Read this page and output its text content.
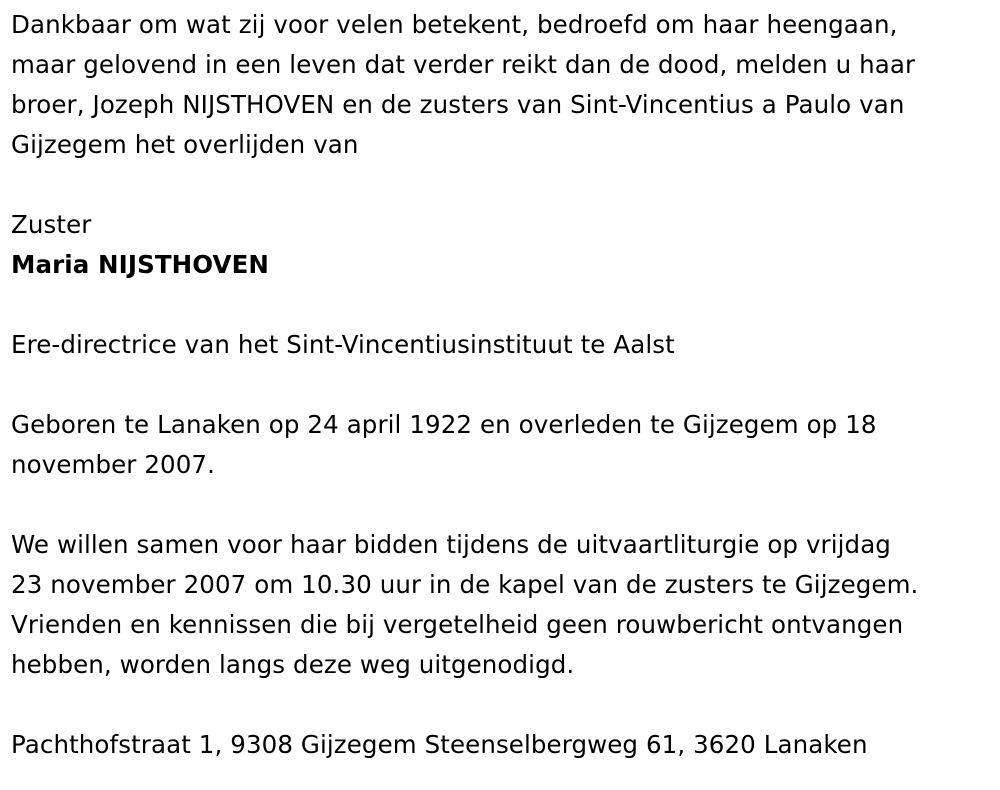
Dankbaar om wat zij voor velen betekent, bedroefd om haar heengaan,
maar gelovend in een leven dat verder reikt dan de dood, melden u haar
broer, Jozeph NIJSTHOVEN en de zusters van Sint-Vincentius a Paulo van
Gijzegem het overlijden van

Zuster

Maria NIJSTHOVEN

Ere-directrice van het Sint-Vincentiusinstituut te Aalst

Geboren te Lanaken op 24 april 1922 en overleden te Gijzegem op 18
november 2007.

We willen samen voor haar bidden tijdens de uitvaartliturgie op vrijdag
23 november 2007 om 10.30 uur in de kapel van de zusters te Gijzegem.
Vrienden en kennissen die bij vergetelheid geen rouwbericht ontvangen
hebben, worden langs deze weg uitgenodigd.

Pachthofstraat 1, 9308 Gijzegem Steenselbergweg 61, 3620 Lanaken
